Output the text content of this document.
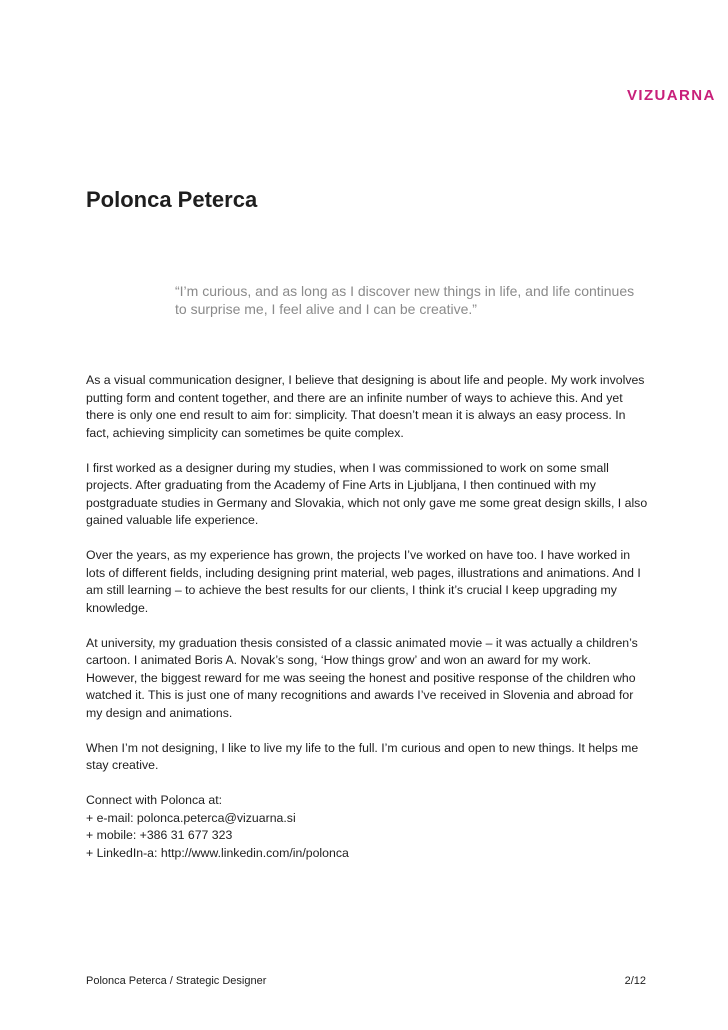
VIZUARNA
Polonca Peterca
“I’m curious, and as long as I discover new things in life, and life continues
to surprise me, I feel alive and I can be creative.”

As a visual communication designer, I believe that designing is about life and people. My work involves
putting form and content together, and there are an infinite number of ways to achieve this. And yet
there is only one end result to aim for: simplicity. That doesn’t mean it is always an easy process. In
fact, achieving simplicity can sometimes be quite complex.

I first worked as a designer during my studies, when I was commissioned to work on some small
projects. After graduating from the Academy of Fine Arts in Ljubljana, I then continued with my
postgraduate studies in Germany and Slovakia, which not only gave me some great design skills, I also
gained valuable life experience.

Over the years, as my experience has grown, the projects I’ve worked on have too. I have worked in
lots of different fields, including designing print material, web pages, illustrations and animations. And I
am still learning – to achieve the best results for our clients, I think it’s crucial I keep upgrading my
knowledge.

At university, my graduation thesis consisted of a classic animated movie – it was actually a children’s
cartoon. I animated Boris A. Novak’s song, ‘How things grow’ and won an award for my work.
However, the biggest reward for me was seeing the honest and positive response of the children who
watched it. This is just one of many recognitions and awards I’ve received in Slovenia and abroad for
my design and animations.

When I’m not designing, I like to live my life to the full. I’m curious and open to new things. It helps me
stay creative.

Connect with Polonca at:
+ e-mail: polonca.peterca@vizuarna.si
+ mobile: +386 31 677 323
+ LinkedIn-a: http://www.linkedin.com/in/polonca
Polonca Peterca / Strategic Designer	2/12
